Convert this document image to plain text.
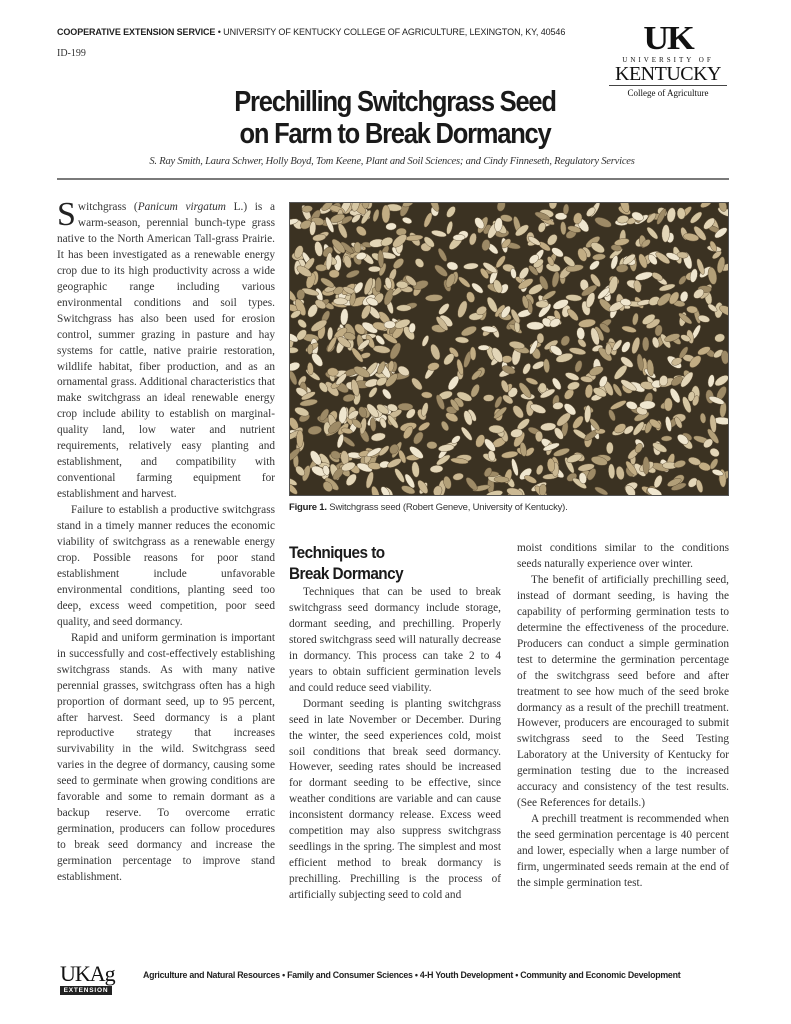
COOPERATIVE EXTENSION SERVICE • UNIVERSITY OF KENTUCKY COLLEGE OF AGRICULTURE, LEXINGTON, KY, 40546
ID-199	UK
UNIVERSITY OF
KENTUCKY
College of Agriculture
Prechilling Switchgrass Seed
on Farm to Break Dormancy
S. Ray Smith, Laura Schwer, Holly Boyd, Tom Keene, Plant and Soil Sciences; and Cindy Finneseth, Regulatory Services

Switchgrass (Panicum virgatum L.) is a warm-season, perennial bunch-type grass native to the North American Tall-grass Prairie. It has been investigated as a renewable energy crop due to its high productivity across a wide geographic range including various environmental conditions and soil types. Switchgrass has also been used for erosion control, summer grazing in pasture and hay systems for cattle, native prairie restoration, wildlife habitat, fiber production, and as an ornamental grass. Additional characteristics that make switchgrass an ideal renewable energy crop include ability to establish on marginal-quality land, low water and nutrient requirements, relatively easy planting and establishment, and compatibility with conventional farming equipment for establishment and harvest.

Failure to establish a productive switchgrass stand in a timely manner reduces the economic viability of switchgrass as a renewable energy crop. Possible reasons for poor stand establishment include unfavorable environmental conditions, planting seed too deep, excess weed competition, poor seed quality, and seed dormancy.

Rapid and uniform germination is important in successfully and cost-effectively establishing switchgrass stands. As with many native perennial grasses, switchgrass often has a high proportion of dormant seed, up to 95 percent, after harvest. Seed dormancy is a plant reproductive strategy that increases survivability in the wild. Switchgrass seed varies in the degree of dormancy, causing some seed to germinate when growing conditions are favorable and some to remain dormant as a backup reserve. To overcome erratic germination, producers can follow procedures to break seed dormancy and increase the germination percentage to improve stand establishment.

Figure 1. Switchgrass seed (Robert Geneve, University of Kentucky).
Techniques to
Break Dormancy

Techniques that can be used to break switchgrass seed dormancy include storage, dormant seeding, and prechilling. Properly stored switchgrass seed will naturally decrease in dormancy. This process can take 2 to 4 years to obtain sufficient germination levels and could reduce seed viability.

Dormant seeding is planting switchgrass seed in late November or December. During the winter, the seed experiences cold, moist soil conditions that break seed dormancy. However, seeding rates should be increased for dormant seeding to be effective, since weather conditions are variable and can cause inconsistent dormancy release. Excess weed competition may also suppress switchgrass seedlings in the spring. The simplest and most efficient method to break dormancy is prechilling. Prechilling is the process of artificially subjecting seed to cold and

moist conditions similar to the conditions seeds naturally experience over winter.

The benefit of artificially prechilling seed, instead of dormant seeding, is having the capability of performing germination tests to determine the effectiveness of the procedure. Producers can conduct a simple germination test to determine the germination percentage of the switchgrass seed before and after treatment to see how much of the seed broke dormancy as a result of the prechill treatment. However, producers are encouraged to submit switchgrass seed to the Seed Testing Laboratory at the University of Kentucky for germination testing due to the increased accuracy and consistency of the test results. (See References for details.)

A prechill treatment is recommended when the seed germination percentage is 40 percent and lower, especially when a large number of firm, ungerminated seeds remain at the end of the simple germination test.

UKAg
EXTENSION
Agriculture and Natural Resources • Family and Consumer Sciences • 4-H Youth Development • Community and Economic Development
